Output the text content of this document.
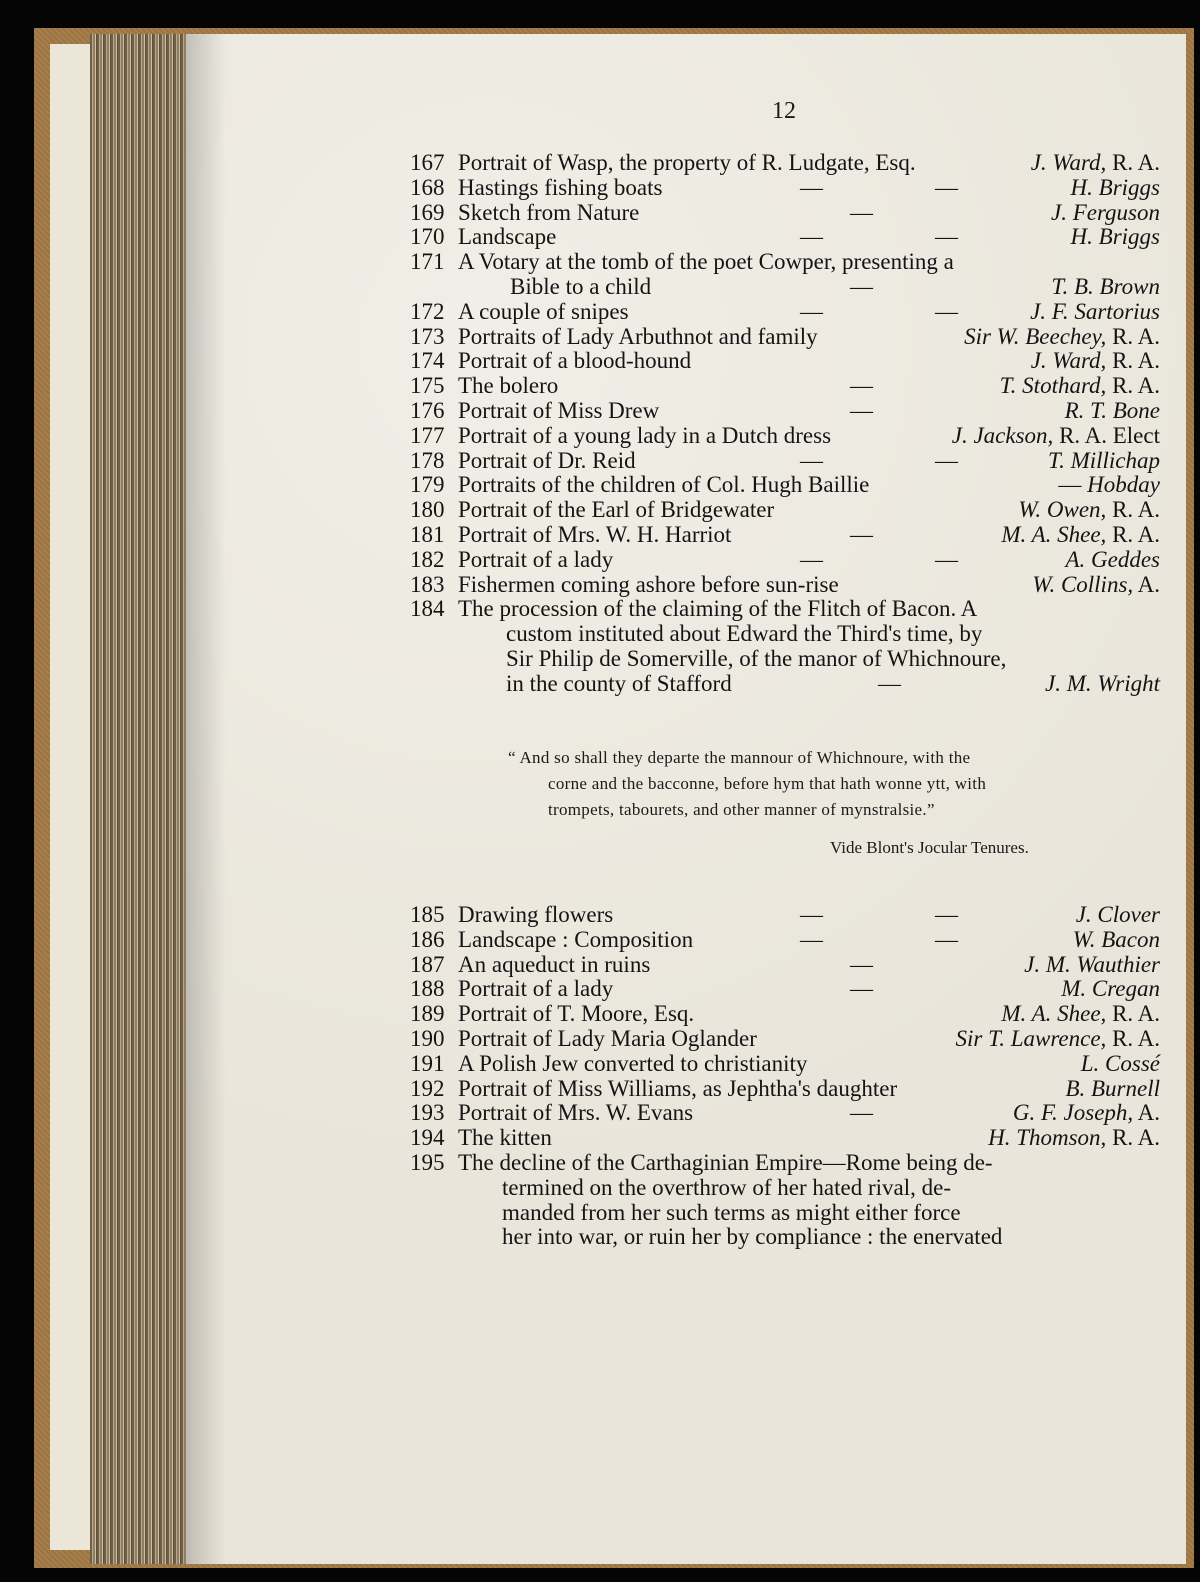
12
167 Portrait of Wasp, the property of R. Ludgate, Esq.	J. Ward, R. A.
168 Hastings fishing boats	—	—	H. Briggs
169 Sketch from Nature	—	J. Ferguson
170 Landscape	—	—	H. Briggs
171 A Votary at the tomb of the poet Cowper, presenting a
Bible to a child	—	T. B. Brown
172 A couple of snipes	—	—	J. F. Sartorius
173 Portraits of Lady Arbuthnot and family	Sir W. Beechey, R. A.
174 Portrait of a blood-hound	J. Ward, R. A.
175 The bolero	—	T. Stothard, R. A.
176 Portrait of Miss Drew	—	R. T. Bone
177 Portrait of a young lady in a Dutch dress	J. Jackson, R. A. Elect
178 Portrait of Dr. Reid	—	—	T. Millichap
179 Portraits of the children of Col. Hugh Baillie	— Hobday
180 Portrait of the Earl of Bridgewater	W. Owen, R. A.
181 Portrait of Mrs. W. H. Harriot	—	M. A. Shee, R. A.
182 Portrait of a lady	—	—	A. Geddes
183 Fishermen coming ashore before sun-rise	W. Collins, A.
184 The procession of the claiming of the Flitch of Bacon. A
custom instituted about Edward the Third's time, by
Sir Philip de Somerville, of the manor of Whichnoure,
in the county of Stafford	—	J. M. Wright
“ And so shall they departe the mannour of Whichnoure, with the
corne and the bacconne, before hym that hath wonne ytt, with
trompets, tabourets, and other manner of mynstralsie.”
Vide Blont's Jocular Tenures.
185 Drawing flowers	—	—	J. Clover
186 Landscape : Composition	—	—	W. Bacon
187 An aqueduct in ruins	—	J. M. Wauthier
188 Portrait of a lady	—	M. Cregan
189 Portrait of T. Moore, Esq.	M. A. Shee, R. A.
190 Portrait of Lady Maria Oglander	Sir T. Lawrence, R. A.
191 A Polish Jew converted to christianity	L. Cossé
192 Portrait of Miss Williams, as Jephtha's daughter	B. Burnell
193 Portrait of Mrs. W. Evans	—	G. F. Joseph, A.
194 The kitten	H. Thomson, R. A.
195 The decline of the Carthaginian Empire—Rome being de-
termined on the overthrow of her hated rival, de-
manded from her such terms as might either force
her into war, or ruin her by compliance : the enervated
